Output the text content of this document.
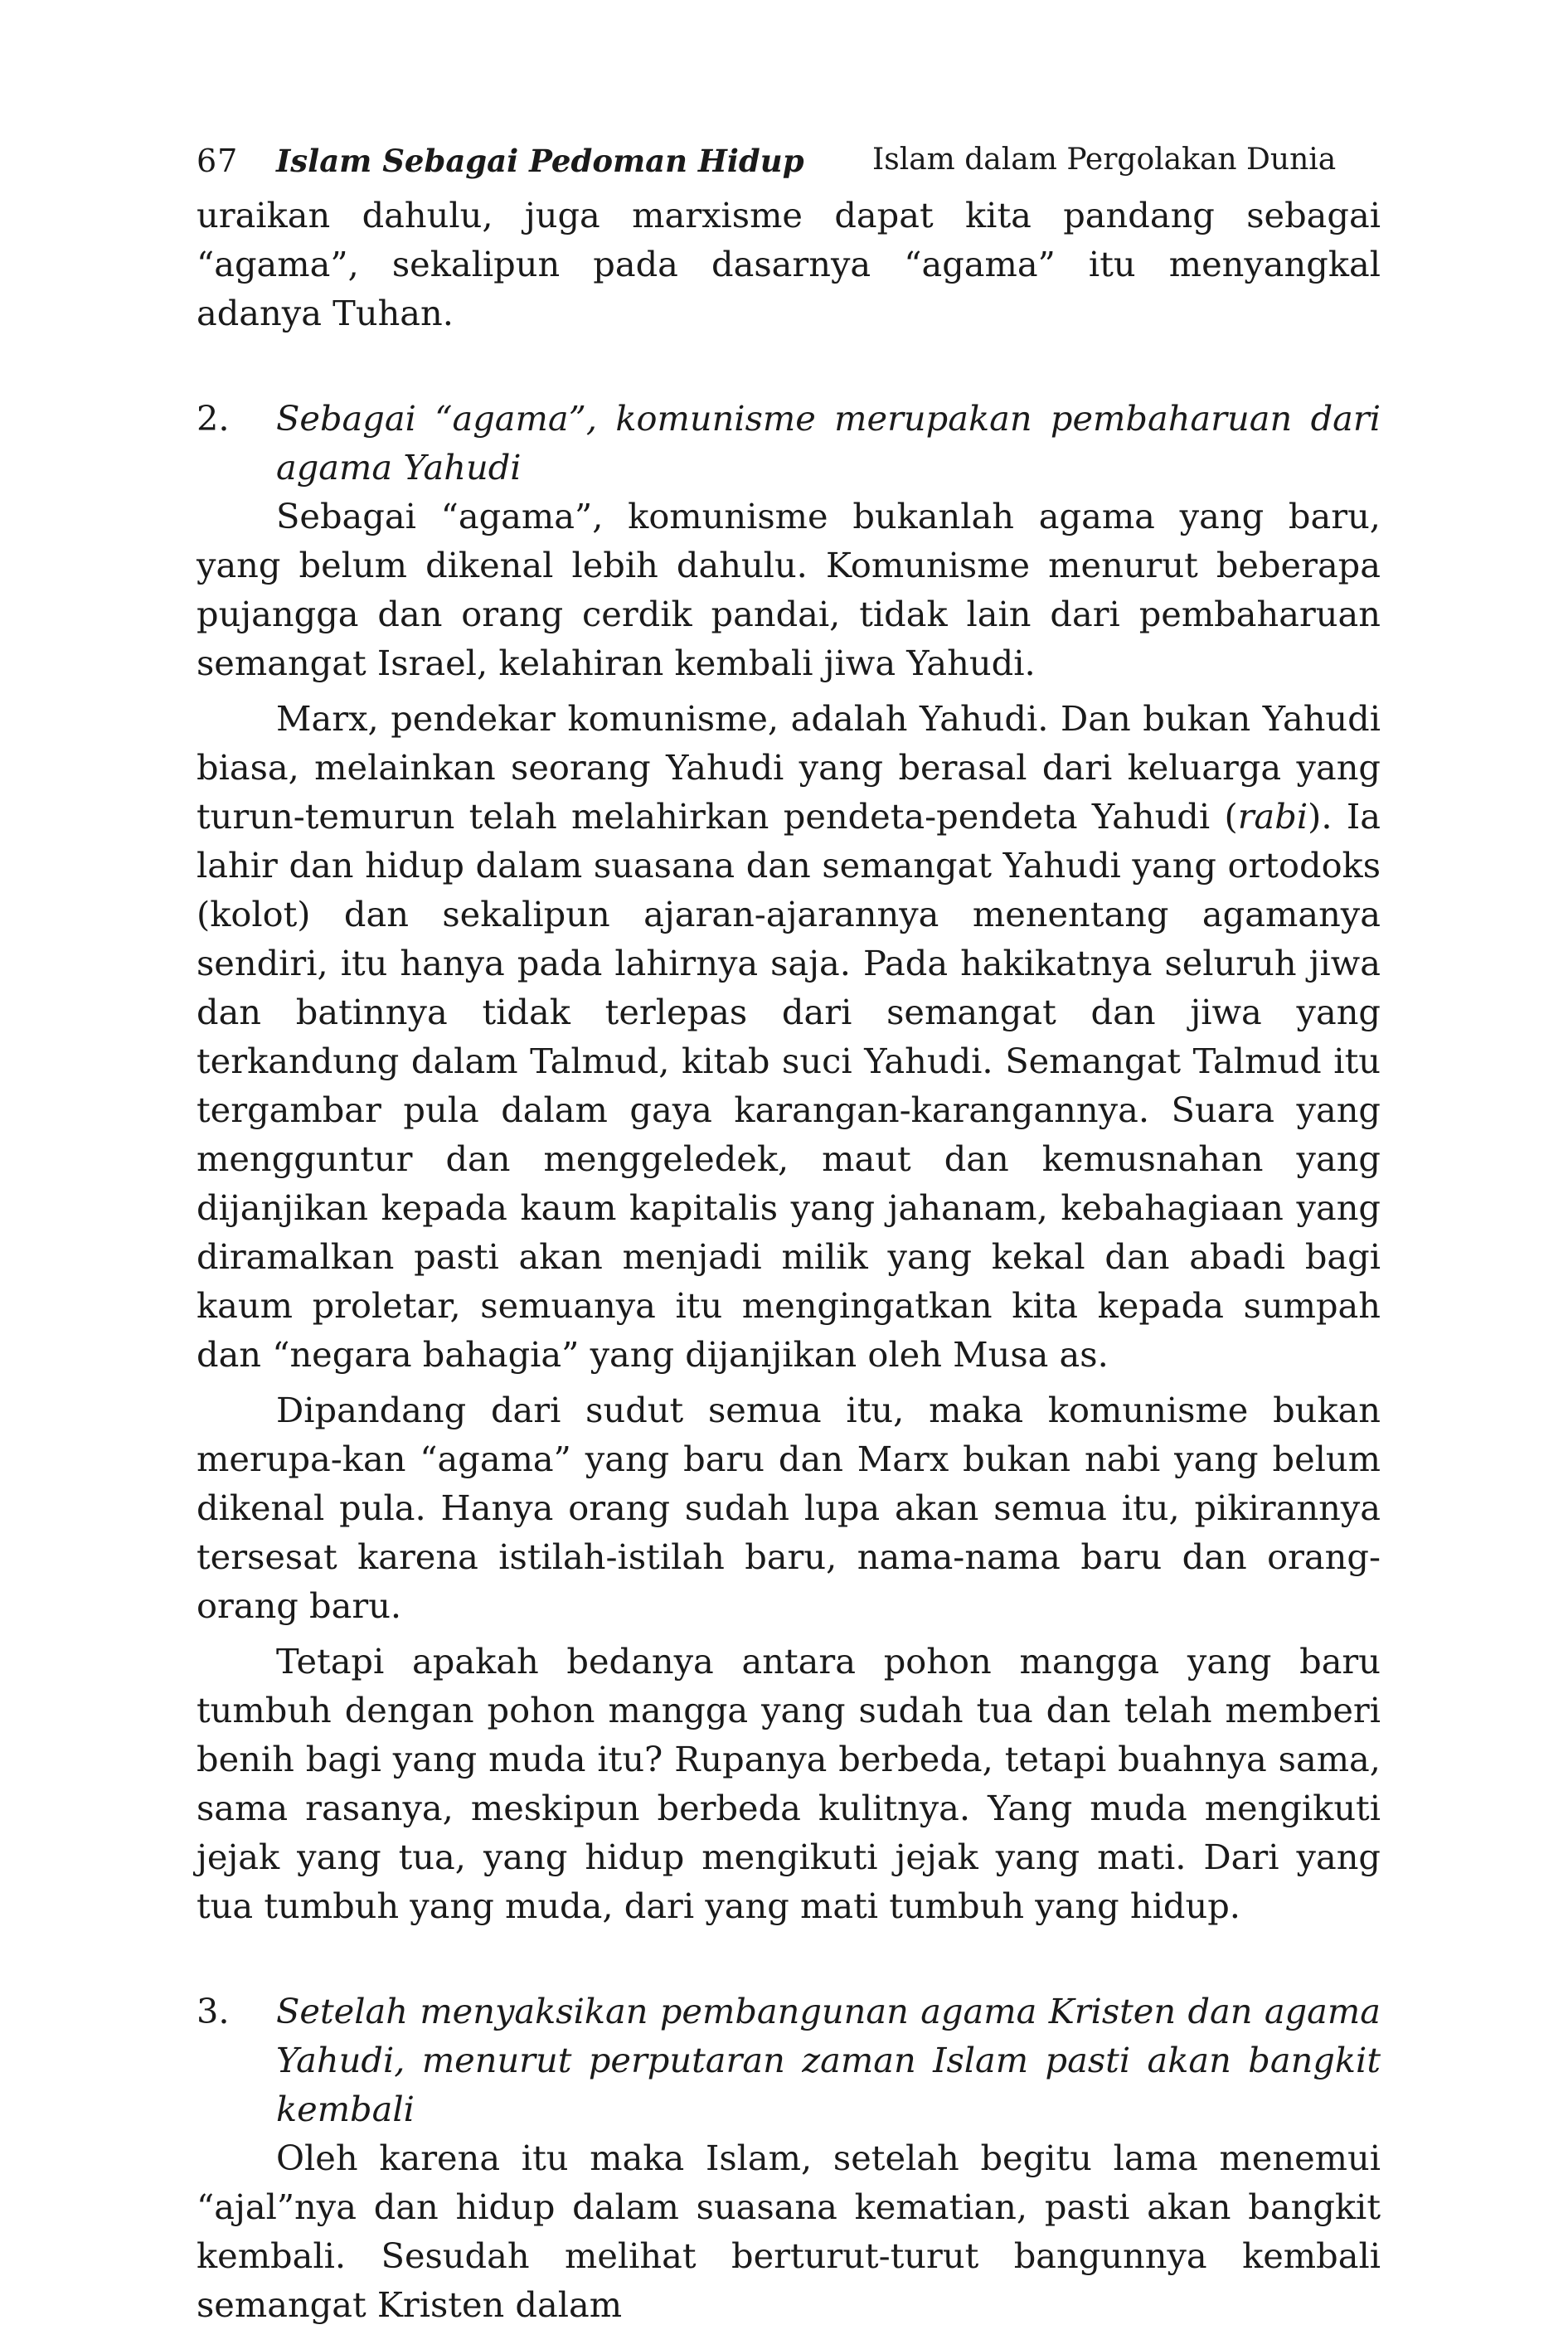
67 Islam Sebagai Pedoman Hidup Islam dalam Pergolakan Dunia

uraikan dahulu, juga marxisme dapat kita pandang sebagai “agama”, sekalipun pada dasarnya “agama” itu menyangkal adanya Tuhan.

2. Sebagai “agama”, komunisme merupakan pembaharuan dari agama Yahudi

Sebagai “agama”, komunisme bukanlah agama yang baru, yang belum dikenal lebih dahulu. Komunisme menurut beberapa pujangga dan orang cerdik pandai, tidak lain dari pembaharuan semangat Israel, kelahiran kembali jiwa Yahudi.

Marx, pendekar komunisme, adalah Yahudi. Dan bukan Yahudi biasa, melainkan seorang Yahudi yang berasal dari keluarga yang turun-temurun telah melahirkan pendeta-pendeta Yahudi (rabi). Ia lahir dan hidup dalam suasana dan semangat Yahudi yang ortodoks (kolot) dan sekalipun ajaran-ajarannya menentang agamanya sendiri, itu hanya pada lahirnya saja. Pada hakikatnya seluruh jiwa dan batinnya tidak terlepas dari semangat dan jiwa yang terkandung dalam Talmud, kitab suci Yahudi. Semangat Talmud itu tergambar pula dalam gaya karangan-karangannya. Suara yang mengguntur dan menggeledek, maut dan kemusnahan yang dijanjikan kepada kaum kapitalis yang jahanam, kebahagiaan yang diramalkan pasti akan menjadi milik yang kekal dan abadi bagi kaum proletar, semuanya itu mengingatkan kita kepada sumpah dan “negara bahagia” yang dijanjikan oleh Musa as.

Dipandang dari sudut semua itu, maka komunisme bukan merupa-kan “agama” yang baru dan Marx bukan nabi yang belum dikenal pula. Hanya orang sudah lupa akan semua itu, pikirannya tersesat karena istilah-istilah baru, nama-nama baru dan orang-orang baru.

Tetapi apakah bedanya antara pohon mangga yang baru tumbuh dengan pohon mangga yang sudah tua dan telah memberi benih bagi yang muda itu? Rupanya berbeda, tetapi buahnya sama, sama rasanya, meskipun berbeda kulitnya. Yang muda mengikuti jejak yang tua, yang hidup mengikuti jejak yang mati. Dari yang tua tumbuh yang muda, dari yang mati tumbuh yang hidup.

3. Setelah menyaksikan pembangunan agama Kristen dan agama Yahudi, menurut perputaran zaman Islam pasti akan bangkit kembali

Oleh karena itu maka Islam, setelah begitu lama menemui “ajal”nya dan hidup dalam suasana kematian, pasti akan bangkit kembali. Sesudah melihat berturut-turut bangunnya kembali semangat Kristen dalam
